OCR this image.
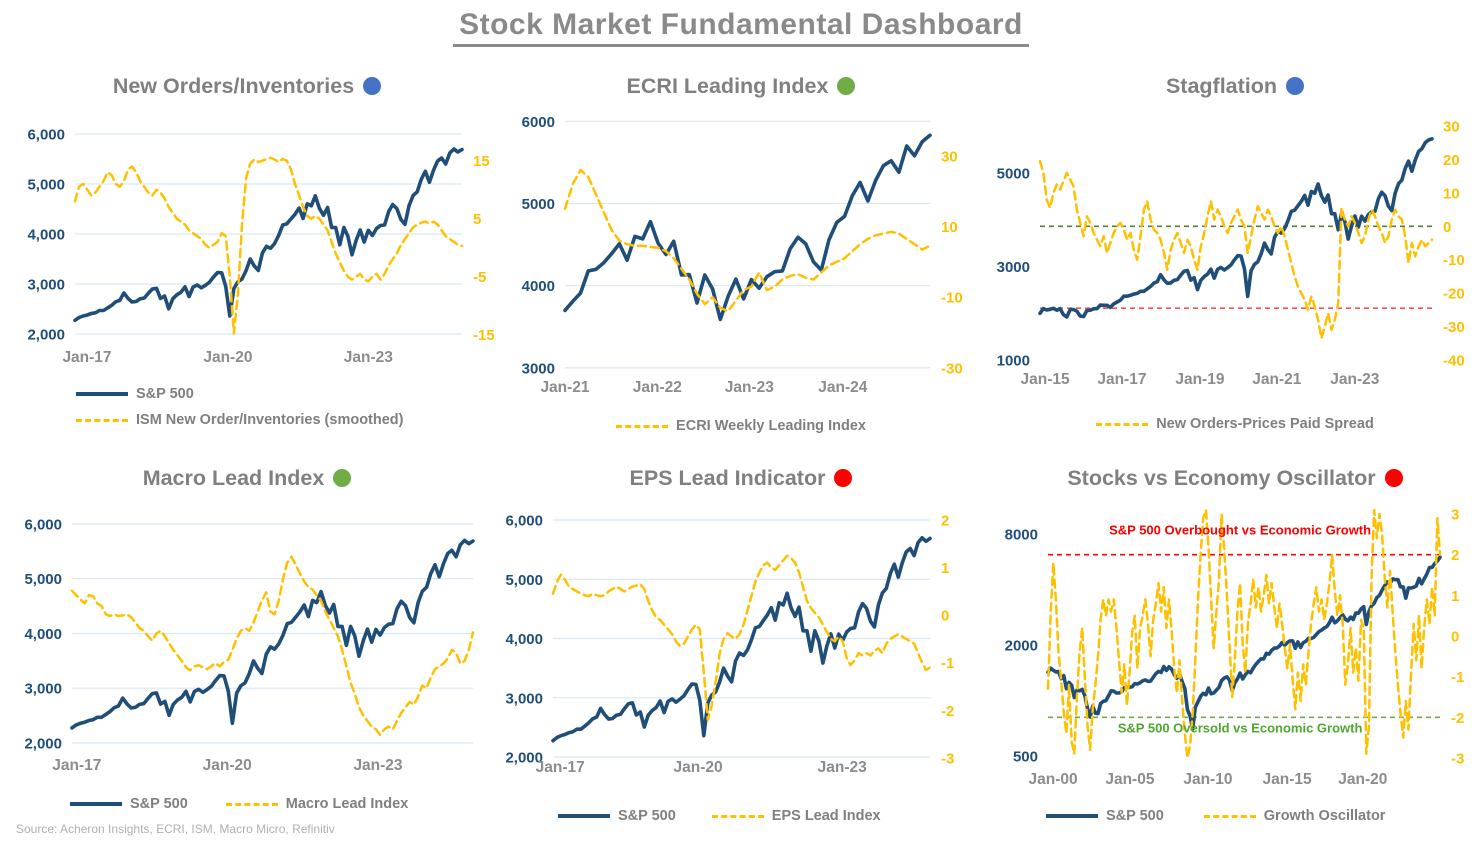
Stock Market Fundamental Dashboard
New Orders/Inventories
6,000
5,000
4,000
3,000
2,000
15
5
-5
-15
Jan-17	Jan-20	Jan-23
S&P 500
ISM New Order/Inventories (smoothed)
ECRI Leading Index
6000
5000
4000
3000
30
10
-10
-30
Jan-21	Jan-22	Jan-23	Jan-24
ECRI Weekly Leading Index
Stagflation
5000
3000
1000
30
20
10
0
-10
-20
-30
-40
Jan-15 Jan-17 Jan-19 Jan-21 Jan-23
New Orders-Prices Paid Spread
Macro Lead Index
6,000
5,000
4,000
3,000
2,000
Jan-17	Jan-20	Jan-23
S&P 500	Macro Lead Index
EPS Lead Indicator
6,000
5,000
4,000
3,000
2,000
2
1
0
-1
-2
-3
Jan-17	Jan-20	Jan-23
S&P 500	EPS Lead Index
Stocks vs Economy Oscillator
8000
2000
500
3
2
1
0
-1
-2
-3
Jan-00 Jan-05 Jan-10 Jan-15 Jan-20
S&P 500 Overbought vs Economic Growth
S&P 500 Oversold vs Economic Growth
S&P 500	Growth Oscillator
Source: Acheron Insights, ECRI, ISM, Macro Micro, Refinitiv
